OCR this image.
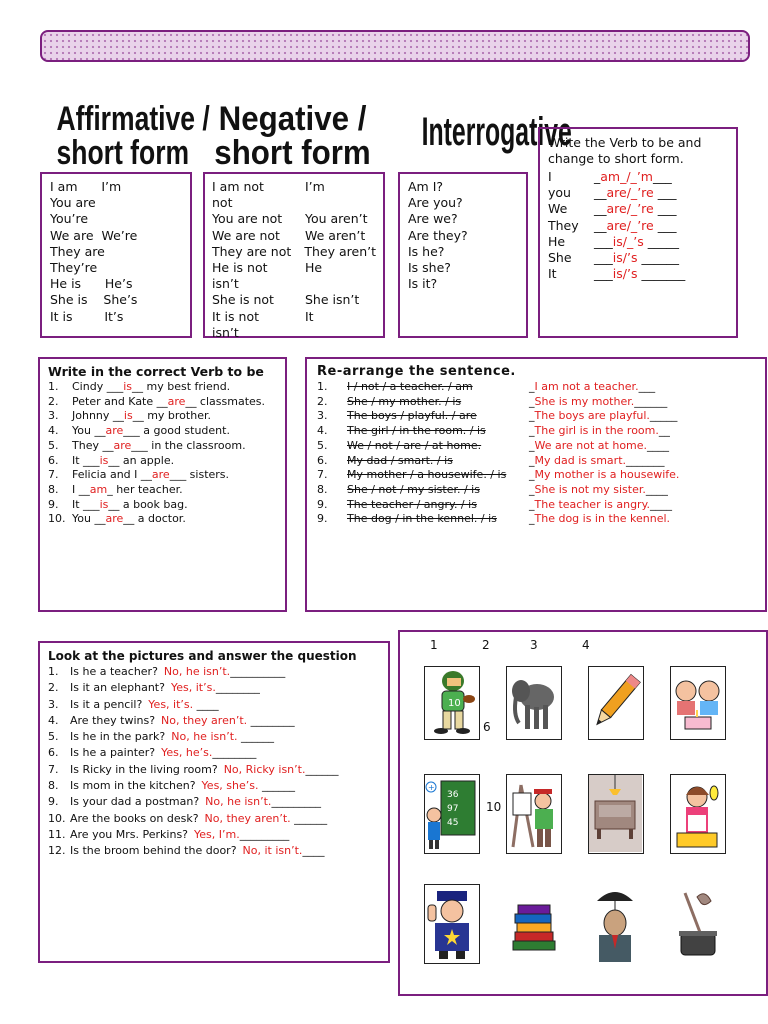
Affirmative /
short form
Negative /
short form Interrogative
I am      I’m
You are
You’re
We are  We’re
They are
They’re
He is      He’s
She is    She’s
It is        It’s
I am not	I’m
not
You are not	You aren’t
We are not	We aren’t
They are not	They aren’t
He is not	He
isn’t
She is not	She isn’t
It is not	It
isn’t
Am I?
Are you?
Are we?
Are they?
Is he?
Is she?
Is it?
Write the Verb to be and
change to short form.
I	_ am _/_ ’m ___
you	__ are /_ ’re ___
We	__ are /_ ’re ___
They	__ are /_ ’re ___
He	___ is /_ ’s _____
She	___ is / ’s ______
It	___ is / ’s _______
Write in the correct Verb to be
1.	Cindy ___ is __ my best friend.
2.	Peter and Kate __ are __ classmates.
3.	Johnny __ is __ my brother.
4.	You __ are ___ a good student.
5.	They __ are ___ in the classroom.
6.	It ___ is __ an apple.
7.	Felicia and I __ are ___ sisters.
8.	I __ am _ her teacher.
9.	It ___ is __ a book bag.
10. You __ are __ a doctor.
Re-arrange the sentence.
1.	I / not / a teacher. / am	_ I am not a teacher. ___
2.	She / my mother. / is	_ She is my mother. ______
3.	The boys / playful. / are	_ The boys are playful. _____
4.	The girl / in the room. / is	_ The girl is in the room. __
5.	We / not / are / at home.	_ We are not at home. ____
6.	My dad / smart. / is	_ My dad is smart. _______
7.	My mother / a housewife. / is	_ My mother is a housewife.
8.	She / not / my sister. / is	_ She is not my sister. ____
9.	The teacher / angry. / is	_ The teacher is angry. ____
9.	The dog / in the kennel. / is	_ The dog is in the kennel.
Look at the pictures and answer the question
1.	Is he a teacher? No, he isn’t. __________
2.	Is it an elephant? Yes, it’s. ________
3.	Is it a pencil? Yes, it’s. ____
4.	Are they twins? No, they aren’t. ________
5.	Is he in the park? No, he isn’t. ______
6.	Is he a painter? Yes, he’s. ________
7.	Is Ricky in the living room? No, Ricky isn’t. ______
8.	Is mom in the kitchen? Yes, she’s. ______
9.	Is your dad a postman? No, he isn’t. _________
10. Are the books on desk? No, they aren’t. ______
11. Are you Mrs. Perkins? Yes, I’m. _________
12. Is the broom behind the door? No, it isn’t. ____
1	2	3	4
6
10
10
36
97
45
+
